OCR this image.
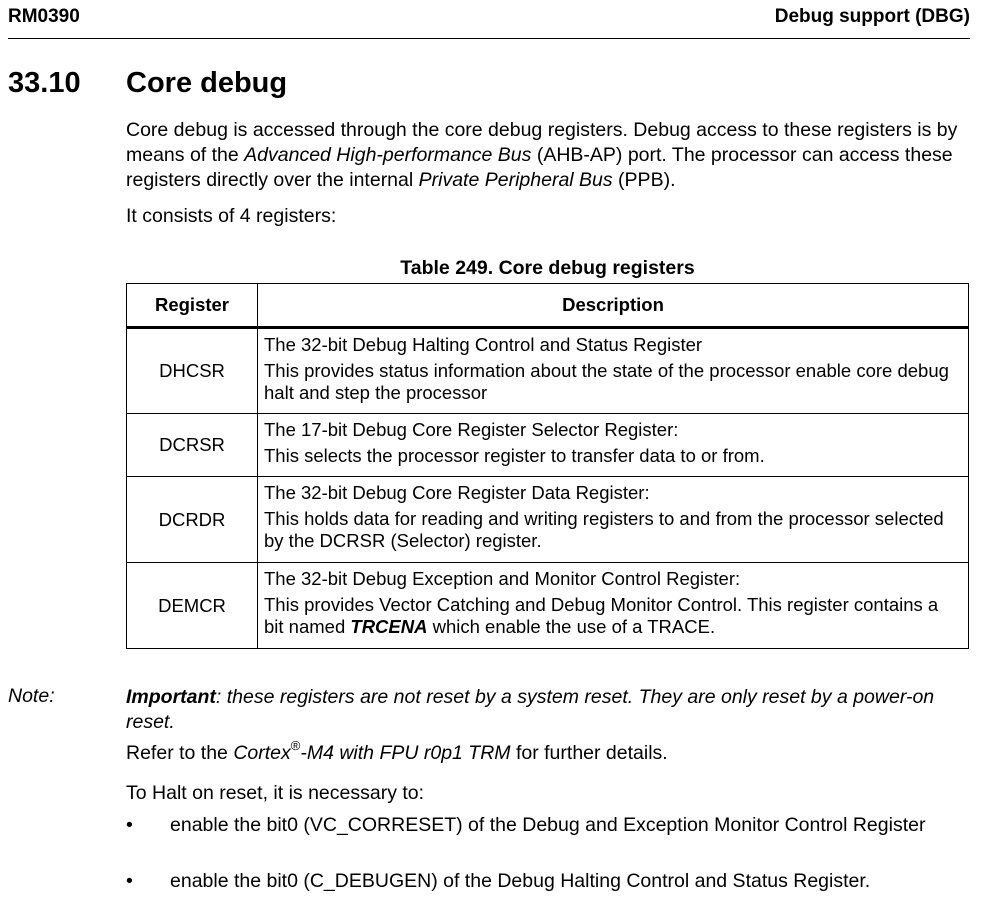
RM0390	Debug support (DBG)
33.10 Core debug
Core debug is accessed through the core debug registers. Debug access to these registers is by means of the Advanced High-performance Bus (AHB-AP) port. The processor can access these registers directly over the internal Private Peripheral Bus (PPB).
It consists of 4 registers:
Table 249. Core debug registers
Register	Description
DHCSR	The 32-bit Debug Halting Control and Status Register
This provides status information about the state of the processor enable core debug halt and step the processor
DCRSR	The 17-bit Debug Core Register Selector Register:
This selects the processor register to transfer data to or from.
DCRDR	The 32-bit Debug Core Register Data Register:
This holds data for reading and writing registers to and from the processor selected by the DCRSR (Selector) register.
DEMCR	The 32-bit Debug Exception and Monitor Control Register:
This provides Vector Catching and Debug Monitor Control. This register contains a bit named TRCENA which enable the use of a TRACE.
Note:	Important: these registers are not reset by a system reset. They are only reset by a power-on reset.
Refer to the Cortex®-M4 with FPU r0p1 TRM for further details.
To Halt on reset, it is necessary to:
• enable the bit0 (VC_CORRESET) of the Debug and Exception Monitor Control Register
• enable the bit0 (C_DEBUGEN) of the Debug Halting Control and Status Register.
